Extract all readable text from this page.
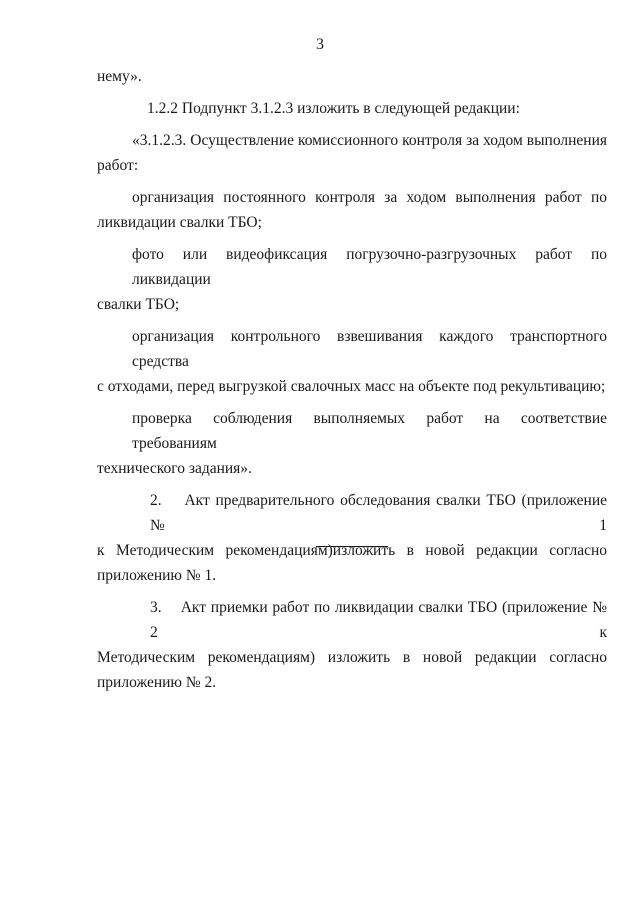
3

нему».

1.2.2 Подпункт 3.1.2.3 изложить в следующей редакции:

«3.1.2.3. Осуществление комиссионного контроля за ходом выполнения
работ:

организация постоянного контроля за ходом выполнения работ по
ликвидации свалки ТБО;

фото или видеофиксация погрузочно-разгрузочных работ по ликвидации
свалки ТБО;

организация контрольного взвешивания каждого транспортного средства
с отходами, перед выгрузкой свалочных масс на объекте под рекультивацию;

проверка соблюдения выполняемых работ на соответствие требованиям
технического задания».

2.    Акт предварительного обследования свалки ТБО (приложение № 1
к Методическим рекомендациям)изложить в новой редакции согласно
приложению № 1.

3.    Акт приемки работ по ликвидации свалки ТБО (приложение № 2 к
Методическим рекомендациям) изложить в новой редакции согласно
приложению № 2.
